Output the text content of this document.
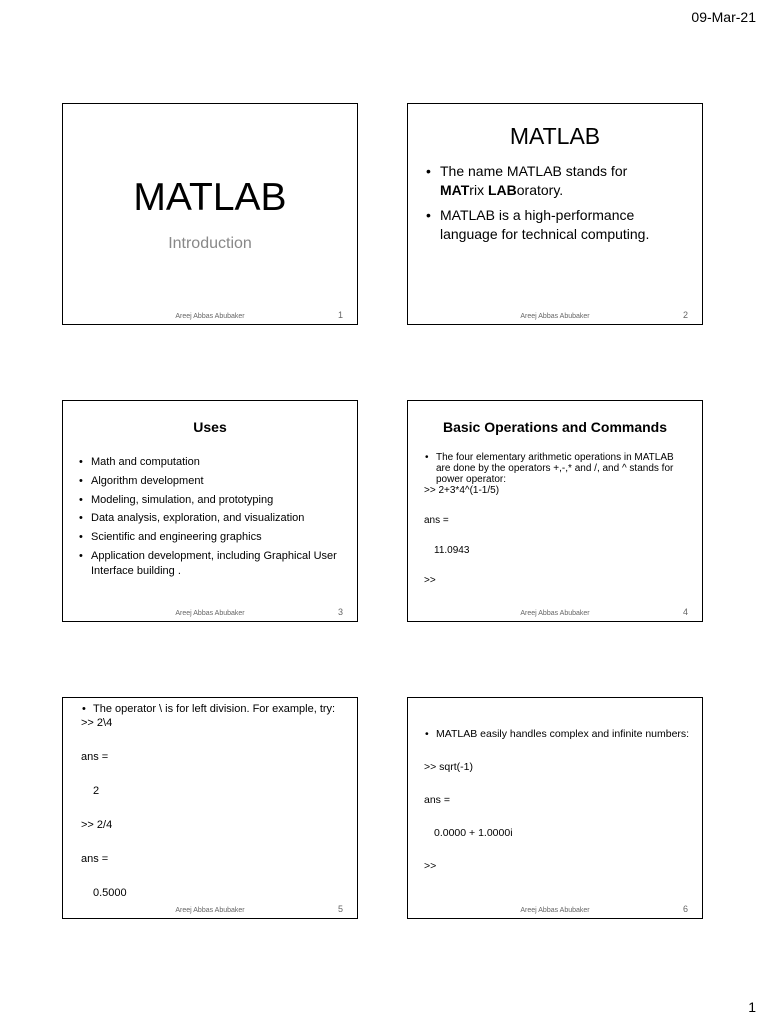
09-Mar-21
MATLAB
Introduction
Areej Abbas Abubaker	1
MATLAB
• The name MATLAB stands for
MATrix LABoratory.
• MATLAB is a high-performance language for technical computing.
Areej Abbas Abubaker	2
Uses
• Math and computation
• Algorithm development
• Modeling, simulation, and prototyping
• Data analysis, exploration, and visualization
• Scientific and engineering graphics
• Application development, including Graphical User Interface building .
Areej Abbas Abubaker	3
Basic Operations and Commands
• The four elementary arithmetic operations in MATLAB are done by the operators +,-,* and /, and ^ stands for power operator:
>> 2+3*4^(1-1/5)
ans =
11.0943
>>
Areej Abbas Abubaker	4
• The operator \ is for left division. For example, try:
>> 2\4
ans =
2
>> 2/4
ans =
0.5000
Areej Abbas Abubaker	5
• MATLAB easily handles complex and infinite numbers:
>> sqrt(-1)
ans =
0.0000 + 1.0000i
>>
Areej Abbas Abubaker	6
1
